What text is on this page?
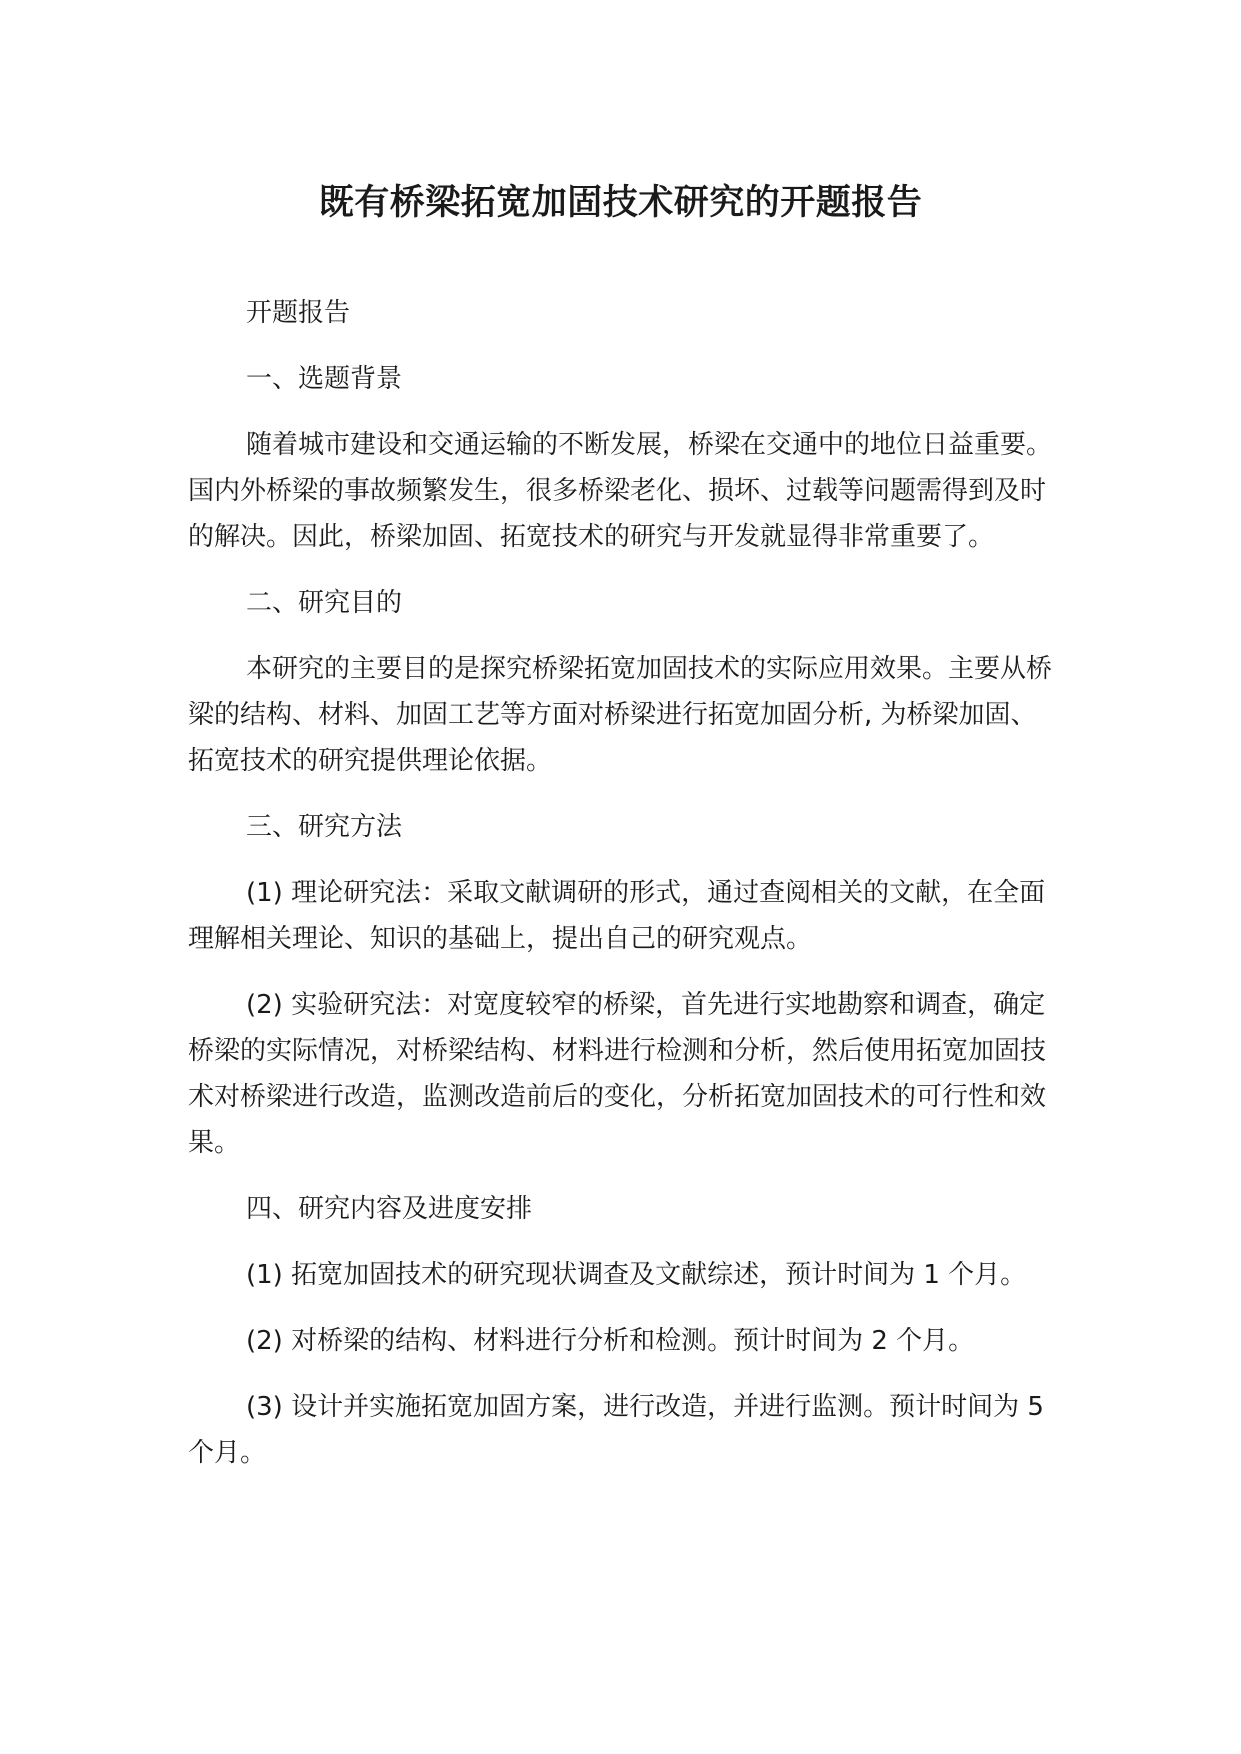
既有桥梁拓宽加固技术研究的开题报告

开题报告

一、选题背景

随着城市建设和交通运输的不断发展，桥梁在交通中的地位日益重要。国内外桥梁的事故频繁发生，很多桥梁老化、损坏、过载等问题需得到及时的解决。因此，桥梁加固、拓宽技术的研究与开发就显得非常重要了。

二、研究目的

本研究的主要目的是探究桥梁拓宽加固技术的实际应用效果。主要从桥梁的结构、材料、加固工艺等方面对桥梁进行拓宽加固分析, 为桥梁加固、拓宽技术的研究提供理论依据。

三、研究方法

(1) 理论研究法：采取文献调研的形式，通过查阅相关的文献，在全面理解相关理论、知识的基础上，提出自己的研究观点。

(2) 实验研究法：对宽度较窄的桥梁，首先进行实地勘察和调查，确定桥梁的实际情况，对桥梁结构、材料进行检测和分析，然后使用拓宽加固技术对桥梁进行改造，监测改造前后的变化，分析拓宽加固技术的可行性和效果。

四、研究内容及进度安排

(1) 拓宽加固技术的研究现状调查及文献综述，预计时间为 1 个月。

(2) 对桥梁的结构、材料进行分析和检测。预计时间为 2 个月。

(3) 设计并实施拓宽加固方案，进行改造，并进行监测。预计时间为 5 个月。
